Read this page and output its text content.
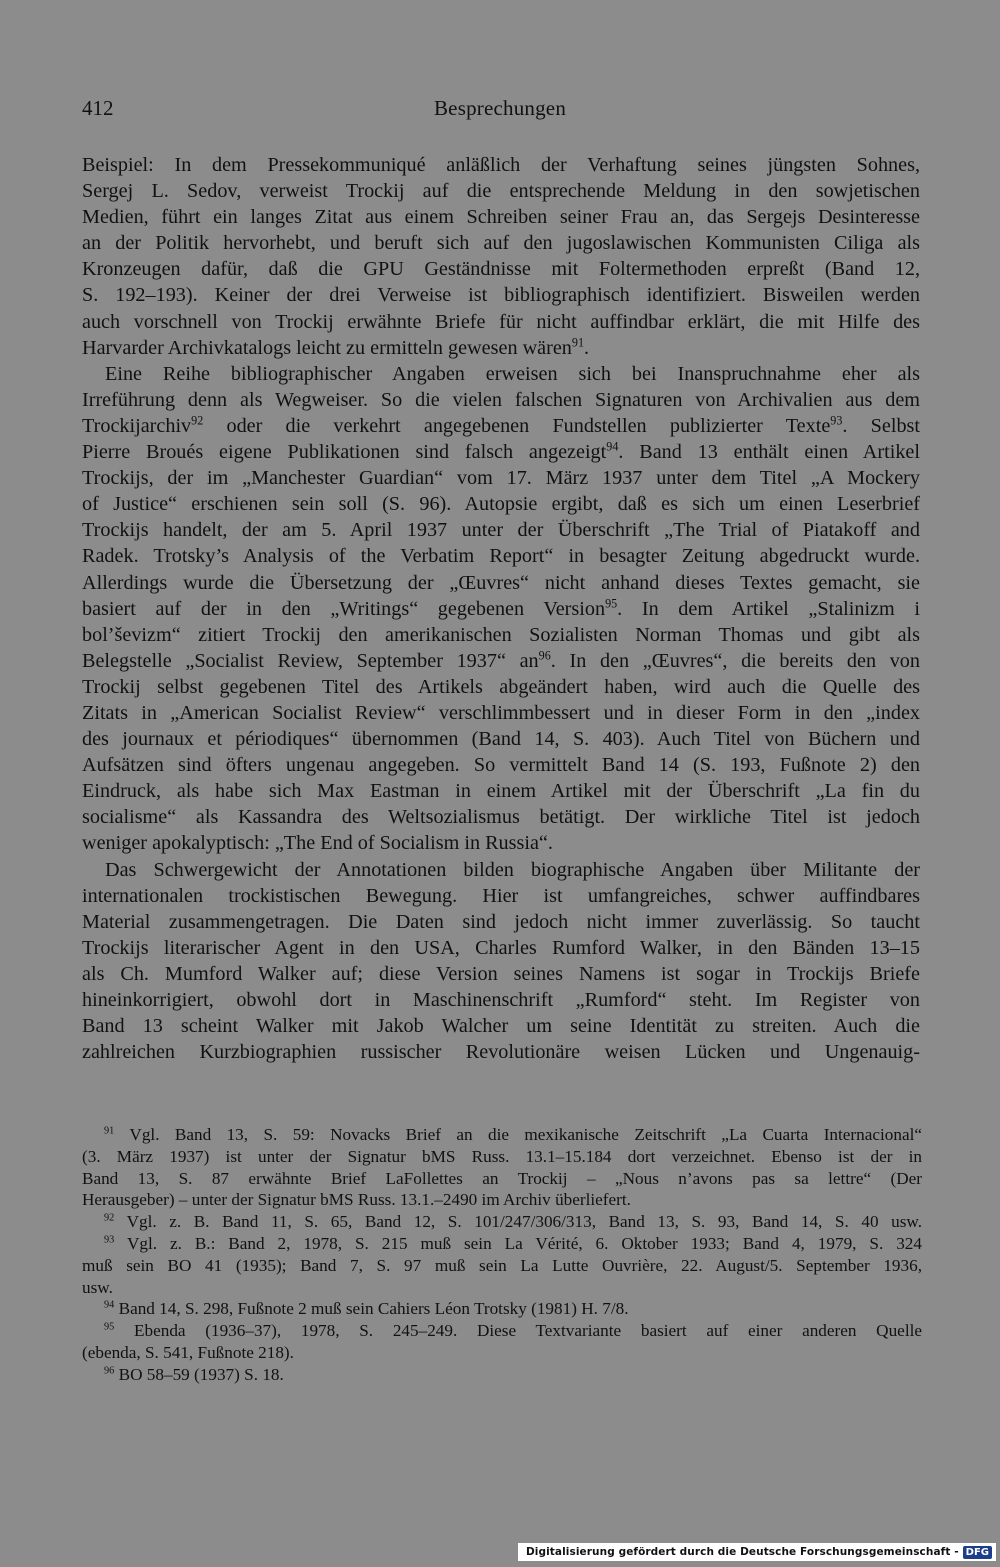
412	Besprechungen
Beispiel: In dem Pressekommuniqué anläßlich der Verhaftung seines jüngsten Sohnes,
Sergej L. Sedov, verweist Trockij auf die entsprechende Meldung in den sowjetischen
Medien, führt ein langes Zitat aus einem Schreiben seiner Frau an, das Sergejs Desinteresse
an der Politik hervorhebt, und beruft sich auf den jugoslawischen Kommunisten Ciliga als
Kronzeugen dafür, daß die GPU Geständnisse mit Foltermethoden erpreßt (Band 12,
S. 192–193). Keiner der drei Verweise ist bibliographisch identifiziert. Bisweilen werden
auch vorschnell von Trockij erwähnte Briefe für nicht auffindbar erklärt, die mit Hilfe des
Harvarder Archivkatalogs leicht zu ermitteln gewesen wären$^{91}$.
Eine Reihe bibliographischer Angaben erweisen sich bei Inanspruchnahme eher als
Irreführung denn als Wegweiser. So die vielen falschen Signaturen von Archivalien aus dem
Trockijarchiv$^{92}$ oder die verkehrt angegebenen Fundstellen publizierter Texte$^{93}$. Selbst
Pierre Broués eigene Publikationen sind falsch angezeigt$^{94}$. Band 13 enthält einen Artikel
Trockijs, der im „Manchester Guardian“ vom 17. März 1937 unter dem Titel „A Mockery
of Justice“ erschienen sein soll (S. 96). Autopsie ergibt, daß es sich um einen Leserbrief
Trockijs handelt, der am 5. April 1937 unter der Überschrift „The Trial of Piatakoff and
Radek. Trotsky’s Analysis of the Verbatim Report“ in besagter Zeitung abgedruckt wurde.
Allerdings wurde die Übersetzung der „Œuvres“ nicht anhand dieses Textes gemacht, sie
basiert auf der in den „Writings“ gegebenen Version$^{95}$. In dem Artikel „Stalinizm i
bol’ševizm“ zitiert Trockij den amerikanischen Sozialisten Norman Thomas und gibt als
Belegstelle „Socialist Review, September 1937“ $an^{96}$. In den „Œuvres“, die bereits den von
Trockij selbst gegebenen Titel des Artikels abgeändert haben, wird auch die Quelle des
Zitats in „American Socialist Review“ verschlimmbessert und in dieser Form in den „index
des journaux et périodiques“ übernommen (Band 14, S. 403). Auch Titel von Büchern und
Aufsätzen sind öfters ungenau angegeben. So vermittelt Band 14 (S. 193, Fußnote 2) den
Eindruck, als habe sich Max Eastman in einem Artikel mit der Überschrift „La fin du
socialisme“ als Kassandra des Weltsozialismus betätigt. Der wirkliche Titel ist jedoch
weniger apokalyptisch: „The End of Socialism in Russia“.
Das Schwergewicht der Annotationen bilden biographische Angaben über Militante der
internationalen trockistischen Bewegung. Hier ist umfangreiches, schwer auffindbares
Material zusammengetragen. Die Daten sind jedoch nicht immer zuverlässig. So taucht
Trockijs literarischer Agent in den USA, Charles Rumford Walker, in den Bänden 13–15
als Ch. Mumford Walker auf; diese Version seines Namens ist sogar in Trockijs Briefe
hineinkorrigiert, obwohl dort in Maschinenschrift „Rumford“ steht. Im Register von
Band 13 scheint Walker mit Jakob Walcher um seine Identität zu streiten. Auch die
zahlreichen Kurzbiographien russischer Revolutionäre weisen Lücken und Ungenauig-
$^{91}$ Vgl. Band 13, S. 59: Novacks Brief an die mexikanische Zeitschrift „La Cuarta Internacional“
(3. März 1937) ist unter der Signatur bMS Russ. 13.1–15.184 dort verzeichnet. Ebenso ist der in
Band 13, S. 87 erwähnte Brief LaFollettes an Trockij – „Nous n’avons pas sa lettre“ (Der
Herausgeber) – unter der Signatur bMS Russ. 13.1.–2490 im Archiv überliefert.
$^{92}$ Vgl. z. B. Band 11, S. 65, Band 12, S. 101/247/306/313, Band 13, S. 93, Band 14, S. 40 usw.
$^{93}$ Vgl. z. B.: Band 2, 1978, S. 215 muß sein La Vérité, 6. Oktober 1933; Band 4, 1979, S. 324
muß sein BO 41 (1935); Band 7, S. 97 muß sein La Lutte Ouvrière, 22. August/5. September 1936,
usw.
$^{94}$ Band 14, S. 298, Fußnote 2 muß sein Cahiers Léon Trotsky (1981) H. 7/8.
$^{95}$ Ebenda (1936–37), 1978, S. 245–249. Diese Textvariante basiert auf einer anderen Quelle
(ebenda, S. 541, Fußnote 218).
$^{96}$ BO 58–59 (1937) S. 18.
Digitalisierung gefördert durch die Deutsche Forschungsgemeinschaft - DFG
